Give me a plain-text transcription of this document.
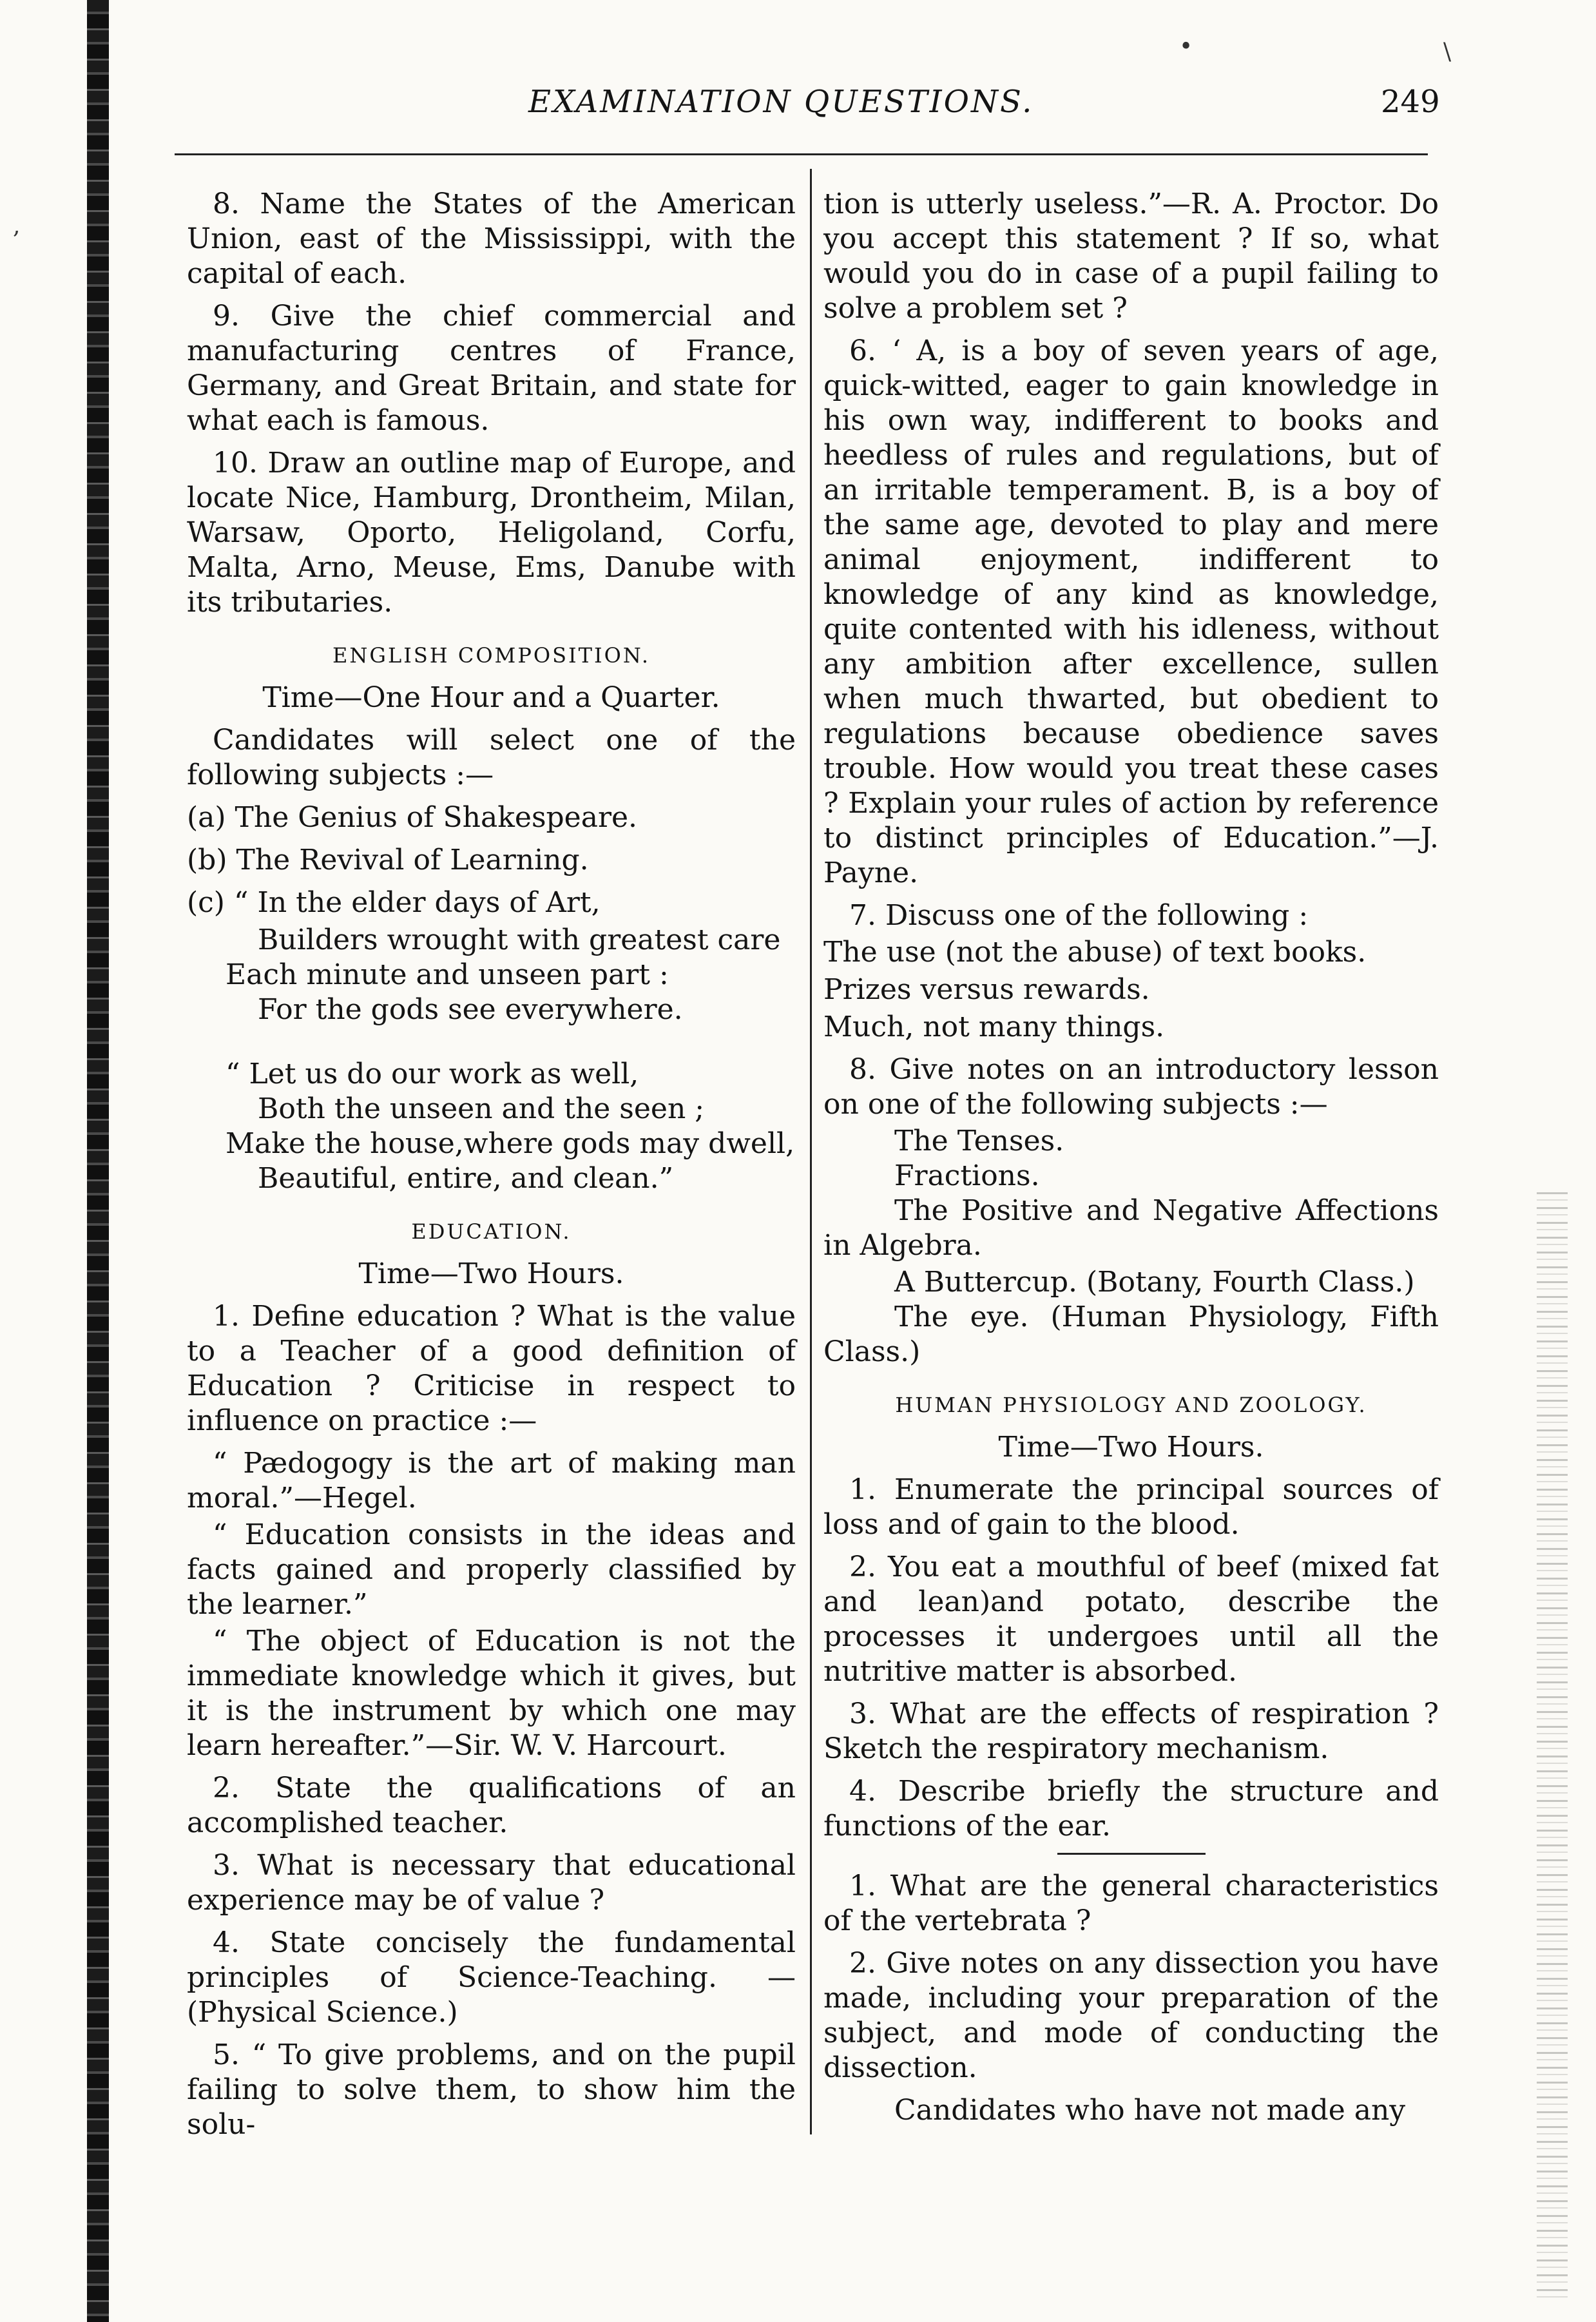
•	\
,
EXAMINATION QUESTIONS.	249

8. Name the States of the American Union, east of the Mississippi, with the capital of each.

9. Give the chief commercial and manufacturing centres of France, Germany, and Great Britain, and state for what each is famous.

10. Draw an outline map of Europe, and locate Nice, Hamburg, Drontheim, Milan, Warsaw, Oporto, Heligoland, Corfu, Malta, Arno, Meuse, Ems, Danube with its tributaries.

ENGLISH COMPOSITION.
Time—One Hour and a Quarter.

Candidates will select one of the following subjects :—

(a) The Genius of Shakespeare.

(b) The Revival of Learning.

(c) “ In the elder days of Art,

Builders wrought with greatest care

Each minute and unseen part :

For the gods see everywhere.

“ Let us do our work as well,

Both the unseen and the seen ;

Make the house,where gods may dwell,

Beautiful, entire, and clean.”

EDUCATION.
Time—Two Hours.

1. Define education ? What is the value to a Teacher of a good definition of Education ? Criticise in respect to influence on practice :—

“ Pædogogy is the art of making man moral.”—Hegel.

“ Education consists in the ideas and facts gained and properly classified by the learner.”

“ The object of Education is not the immediate knowledge which it gives, but it is the instrument by which one may learn hereafter.”—Sir. W. V. Harcourt.

2. State the qualifications of an accomplished teacher.

3. What is necessary that educational experience may be of value ?

4. State concisely the fundamental principles of Science-Teaching. — (Physical Science.)

5. “ To give problems, and on the pupil failing to solve them, to show him the solu-

tion is utterly useless.”—R. A. Proctor. Do you accept this statement ? If so, what would you do in case of a pupil failing to solve a problem set ?

6. ‘ A, is a boy of seven years of age, quick-witted, eager to gain knowledge in his own way, indifferent to books and heedless of rules and regulations, but of an irritable temperament. B, is a boy of the same age, devoted to play and mere animal enjoyment, indifferent to knowledge of any kind as knowledge, quite contented with his idleness, without any ambition after excellence, sullen when much thwarted, but obedient to regulations because obedience saves trouble. How would you treat these cases ? Explain your rules of action by reference to distinct principles of Education.”—J. Payne.

7. Discuss one of the following :

The use (not the abuse) of text books.

Prizes versus rewards.

Much, not many things.

8. Give notes on an introductory lesson on one of the following subjects :—

The Tenses.

Fractions.

The Positive and Negative Affections in Algebra.

A Buttercup. (Botany, Fourth Class.)

The eye. (Human Physiology, Fifth Class.)

HUMAN PHYSIOLOGY AND ZOOLOGY.
Time—Two Hours.

1. Enumerate the principal sources of loss and of gain to the blood.

2. You eat a mouthful of beef (mixed fat and lean)and potato, describe the processes it undergoes until all the nutritive matter is absorbed.

3. What are the effects of respiration ? Sketch the respiratory mechanism.

4. Describe briefly the structure and functions of the ear.

1. What are the general characteristics of the vertebrata ?

2. Give notes on any dissection you have made, including your preparation of the subject, and mode of conducting the dissection.

Candidates who have not made any
